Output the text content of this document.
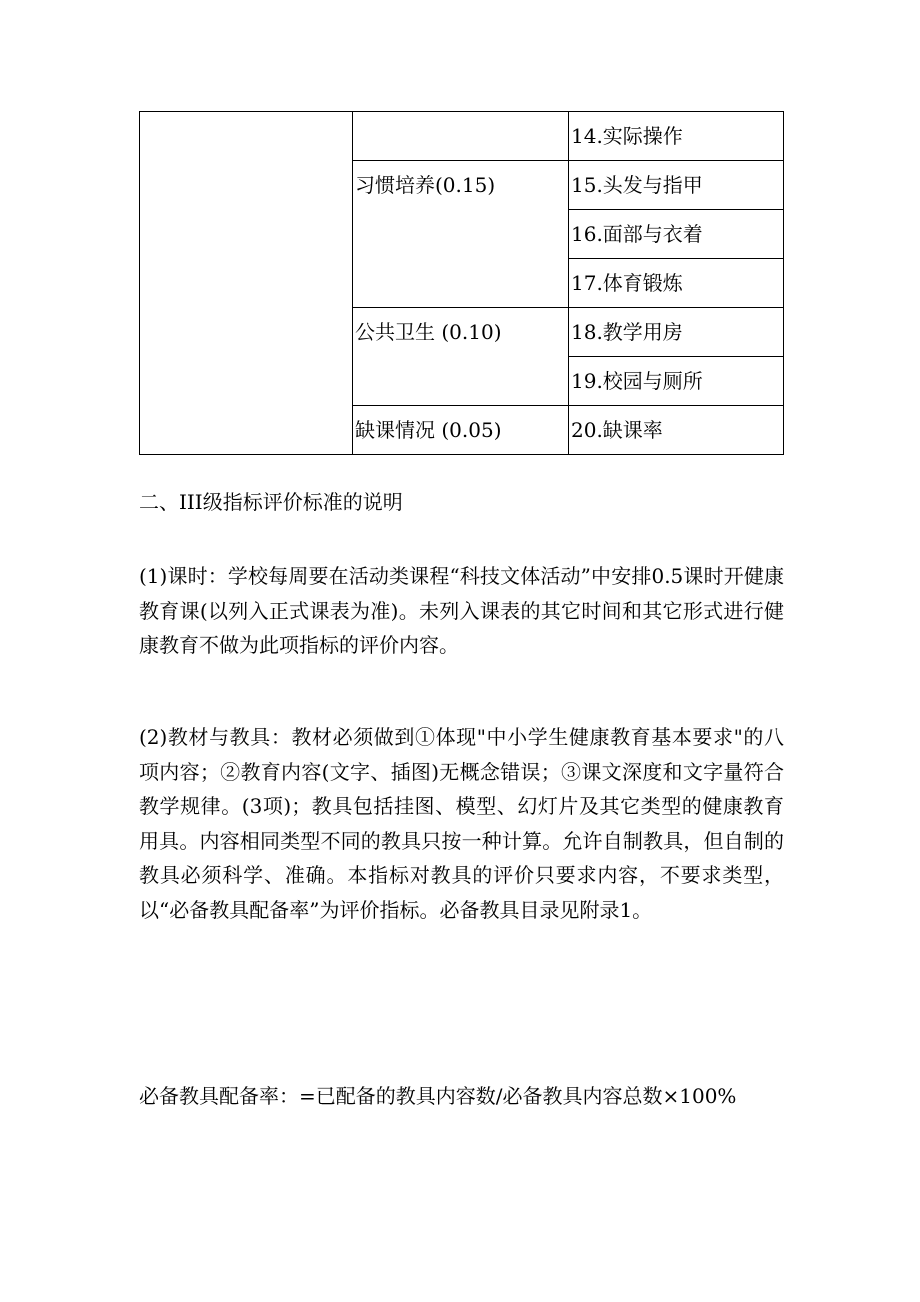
		14.实际操作
	习惯培养(0.15)	15.头发与指甲
		16.面部与衣着
		17.体育锻炼
	公共卫生 (0.10)	18.教学用房
		19.校园与厕所
	缺课情况 (0.05)	20.缺课率

二、III级指标评价标准的说明

(1)课时：学校每周要在活动类课程“科技文体活动”中安排0.5课时开健康教育课(以列入正式课表为准)。未列入课表的其它时间和其它形式进行健康教育不做为此项指标的评价内容。

(2)教材与教具：教材必须做到①体现"中小学生健康教育基本要求"的八项内容；②教育内容(文字、插图)无概念错误；③课文深度和文字量符合教学规律。(3项)；教具包括挂图、模型、幻灯片及其它类型的健康教育用具。内容相同类型不同的教具只按一种计算。允许自制教具，但自制的教具必须科学、准确。本指标对教具的评价只要求内容，不要求类型，以“必备教具配备率”为评价指标。必备教具目录见附录1。

必备教具配备率：=已配备的教具内容数/必备教具内容总数×100%
